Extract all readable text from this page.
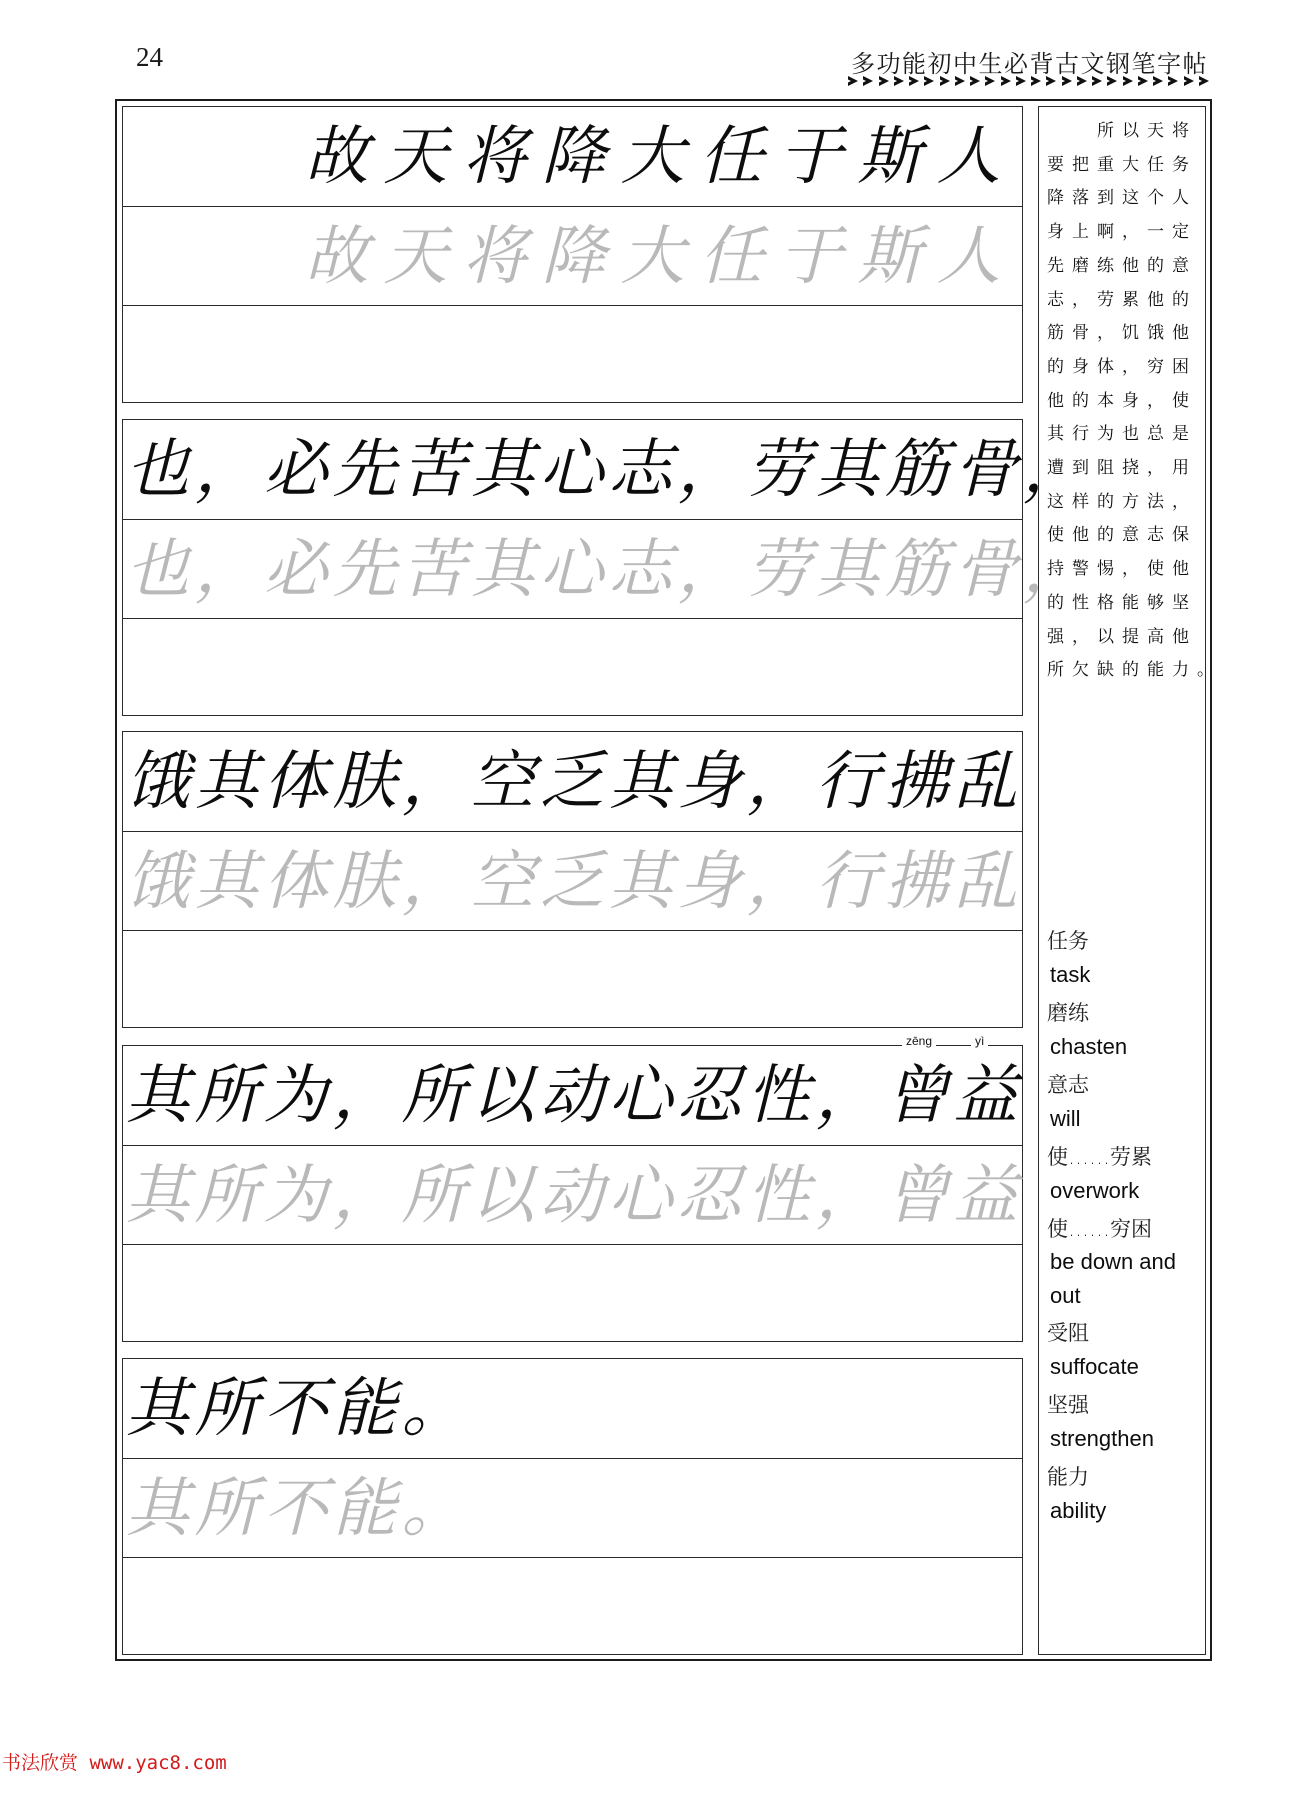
24	多功能初中生必背古文钢笔字帖
故 天 将 降 大 任 于 斯 人
故 天 将 降 大 任 于 斯 人
也 ， 必 先 苦 其 心 志 ， 劳 其 筋 骨 ，
也 ， 必 先 苦 其 心 志 ， 劳 其 筋 骨 ，
饿 其 体 肤 ， 空 乏 其 身 ， 行 拂 乱
饿 其 体 肤 ， 空 乏 其 身 ， 行 拂 乱
其 所 为 ， 所 以 动 心 忍 性 ， 曾 益
zēng	yì
其 所 为 ， 所 以 动 心 忍 性 ， 曾 益
其 所 不 能 。
其 所 不 能 。
　　所以天将
要把重大任务
降落到这个人
身上啊，一定
先磨练他的意
志，劳累他的
筋骨，饥饿他
的身体，穷困
他的本身，使
其行为也总是
遭到阻挠，用
这样的方法，
使他的意志保
持警惕，使他
的性格能够坚
强，以提高他
所欠缺的能力。
任务
task
磨练
chasten
意志
will
使……劳累
overwork
使……穷困
be down and out
受阻
suffocate
坚强
strengthen
能力
ability
书法欣赏 www.yac8.com
